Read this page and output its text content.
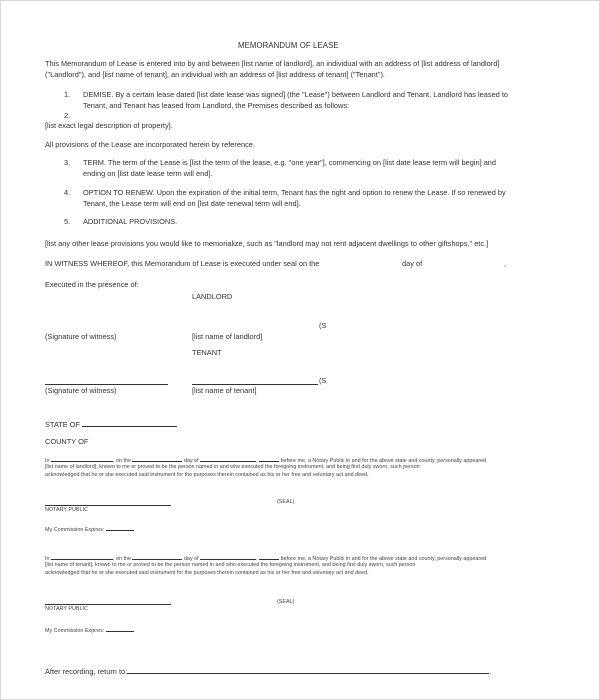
MEMORANDUM OF LEASE
This Memorandum of Lease is entered into by and between [list name of landlord], an individual with an address of [list address of landlord]
("Landlord"), and [list name of tenant], an individual with an address of [list address of tenant] ("Tenant").
1. DEMISE. By a certain lease dated [list date lease was signed] (the "Lease") between Landlord and Tenant, Landlord has leased to
Tenant, and Tenant has leased from Landlord, the Premises described as follows:
2.
[list exact legal description of property].
All provisions of the Lease are incorporated herein by reference.
3. TERM. The term of the Lease is [list the term of the lease, e.g. "one year"], commencing on [list date lease term will begin] and
ending on [list date lease term will end].
4. OPTION TO RENEW. Upon the expiration of the initial term, Tenant has the right and option to renew the Lease. If so renewed by
Tenant, the Lease term will end on [list date renewal term will end].
5. ADDITIONAL PROVISIONS.
[list any other lease provisions you would like to memorialize, such as "landlord may not rent adjacent dwellings to other giftshops," etc.]
IN WITNESS WHEREOF, this Memorandum of Lease is executed under seal on the	day of	,
Executed in the presence of:
LANDLORD
(S
(Signature of witness)	[list name of landlord]
TENANT
(S
(Signature of witness)	[list name of tenant]
STATE OF
COUNTY OF
In	, on the	day of	,	before me, a Notary Public in and for the above state and county, personally appeared
[list name of landlord], known to me or proved to be the person named in and who executed the foregoing instrument, and being first duly sworn, such person
acknowledged that he or she executed said instrument for the purposes therein contained as his or her free and voluntary act and deed.
(SEAL)
NOTARY PUBLIC
My Commission Expires:
In	, on the	day of	,	before me, a Notary Public in and for the above state and county, personally appeared
[list name of tenant], known to me or proved to be the person named in and who executed the foregoing instrument, and being first duly sworn, such person
acknowledged that he or she executed said instrument for the purposes therein contained as his or her free and voluntary act and deed.
(SEAL)
NOTARY PUBLIC
My Commission Expires:
After recording, return to:	.
